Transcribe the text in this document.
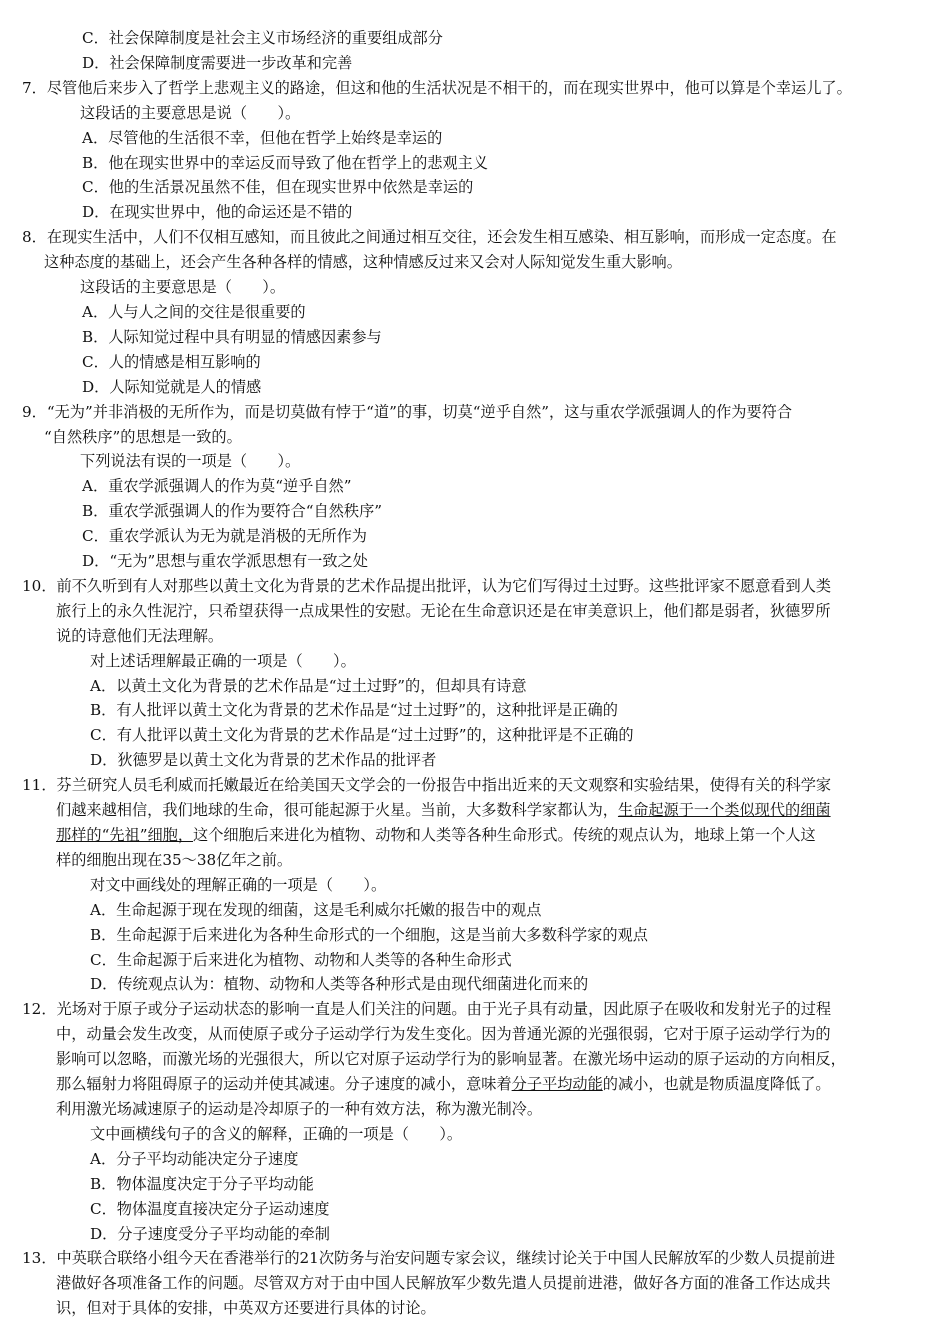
C．社会保障制度是社会主义市场经济的重要组成部分
D．社会保障制度需要进一步改革和完善
7．尽管他后来步入了哲学上悲观主义的路途，但这和他的生活状况是不相干的，而在现实世界中，他可以算是个幸运儿了。
这段话的主要意思是说（　　）。
A．尽管他的生活很不幸，但他在哲学上始终是幸运的
B．他在现实世界中的幸运反而导致了他在哲学上的悲观主义
C．他的生活景况虽然不佳，但在现实世界中依然是幸运的
D．在现实世界中，他的命运还是不错的
8．在现实生活中，人们不仅相互感知，而且彼此之间通过相互交往，还会发生相互感染、相互影响，而形成一定态度。在
这种态度的基础上，还会产生各种各样的情感，这种情感反过来又会对人际知觉发生重大影响。
这段话的主要意思是（　　）。
A．人与人之间的交往是很重要的
B．人际知觉过程中具有明显的情感因素参与
C．人的情感是相互影响的
D．人际知觉就是人的情感
9．“无为”并非消极的无所作为，而是切莫做有悖于“道”的事，切莫“逆乎自然”，这与重农学派强调人的作为要符合
“自然秩序”的思想是一致的。
下列说法有误的一项是（　　）。
A．重农学派强调人的作为莫“逆乎自然”
B．重农学派强调人的作为要符合“自然秩序”
C．重农学派认为无为就是消极的无所作为
D．“无为”思想与重农学派思想有一致之处
10．前不久听到有人对那些以黄土文化为背景的艺术作品提出批评，认为它们写得过土过野。这些批评家不愿意看到人类
旅行上的永久性泥泞，只希望获得一点成果性的安慰。无论在生命意识还是在审美意识上，他们都是弱者，狄德罗所
说的诗意他们无法理解。
对上述话理解最正确的一项是（　　）。
A．以黄土文化为背景的艺术作品是“过土过野”的，但却具有诗意
B．有人批评以黄土文化为背景的艺术作品是“过土过野”的，这种批评是正确的
C．有人批评以黄土文化为背景的艺术作品是“过土过野”的，这种批评是不正确的
D．狄德罗是以黄土文化为背景的艺术作品的批评者
11．芬兰研究人员毛利威而托嫩最近在给美国天文学会的一份报告中指出近来的天文观察和实验结果，使得有关的科学家
们越来越相信，我们地球的生命，很可能起源于火星。当前，大多数科学家都认为，生命起源于一个类似现代的细菌
那样的“先祖”细胞，这个细胞后来进化为植物、动物和人类等各种生命形式。传统的观点认为，地球上第一个人这
样的细胞出现在35～38亿年之前。
对文中画线处的理解正确的一项是（　　）。
A．生命起源于现在发现的细菌，这是毛利威尔托嫩的报告中的观点
B．生命起源于后来进化为各种生命形式的一个细胞，这是当前大多数科学家的观点
C．生命起源于后来进化为植物、动物和人类等的各种生命形式
D．传统观点认为：植物、动物和人类等各种形式是由现代细菌进化而来的
12．光场对于原子或分子运动状态的影响一直是人们关注的问题。由于光子具有动量，因此原子在吸收和发射光子的过程
中，动量会发生改变，从而使原子或分子运动学行为发生变化。因为普通光源的光强很弱，它对于原子运动学行为的
影响可以忽略，而激光场的光强很大，所以它对原子运动学行为的影响显著。在激光场中运动的原子运动的方向相反，
那么辐射力将阻碍原子的运动并使其减速。分子速度的减小，意味着分子平均动能的减小，也就是物质温度降低了。
利用激光场减速原子的运动是冷却原子的一种有效方法，称为激光制冷。
文中画横线句子的含义的解释，正确的一项是（　　）。
A．分子平均动能决定分子速度
B．物体温度决定于分子平均动能
C．物体温度直接决定分子运动速度
D．分子速度受分子平均动能的牵制
13．中英联合联络小组今天在香港举行的21次防务与治安问题专家会议，继续讨论关于中国人民解放军的少数人员提前进
港做好各项准备工作的问题。尽管双方对于由中国人民解放军少数先遣人员提前进港，做好各方面的准备工作达成共
识，但对于具体的安排，中英双方还要进行具体的讨论。
